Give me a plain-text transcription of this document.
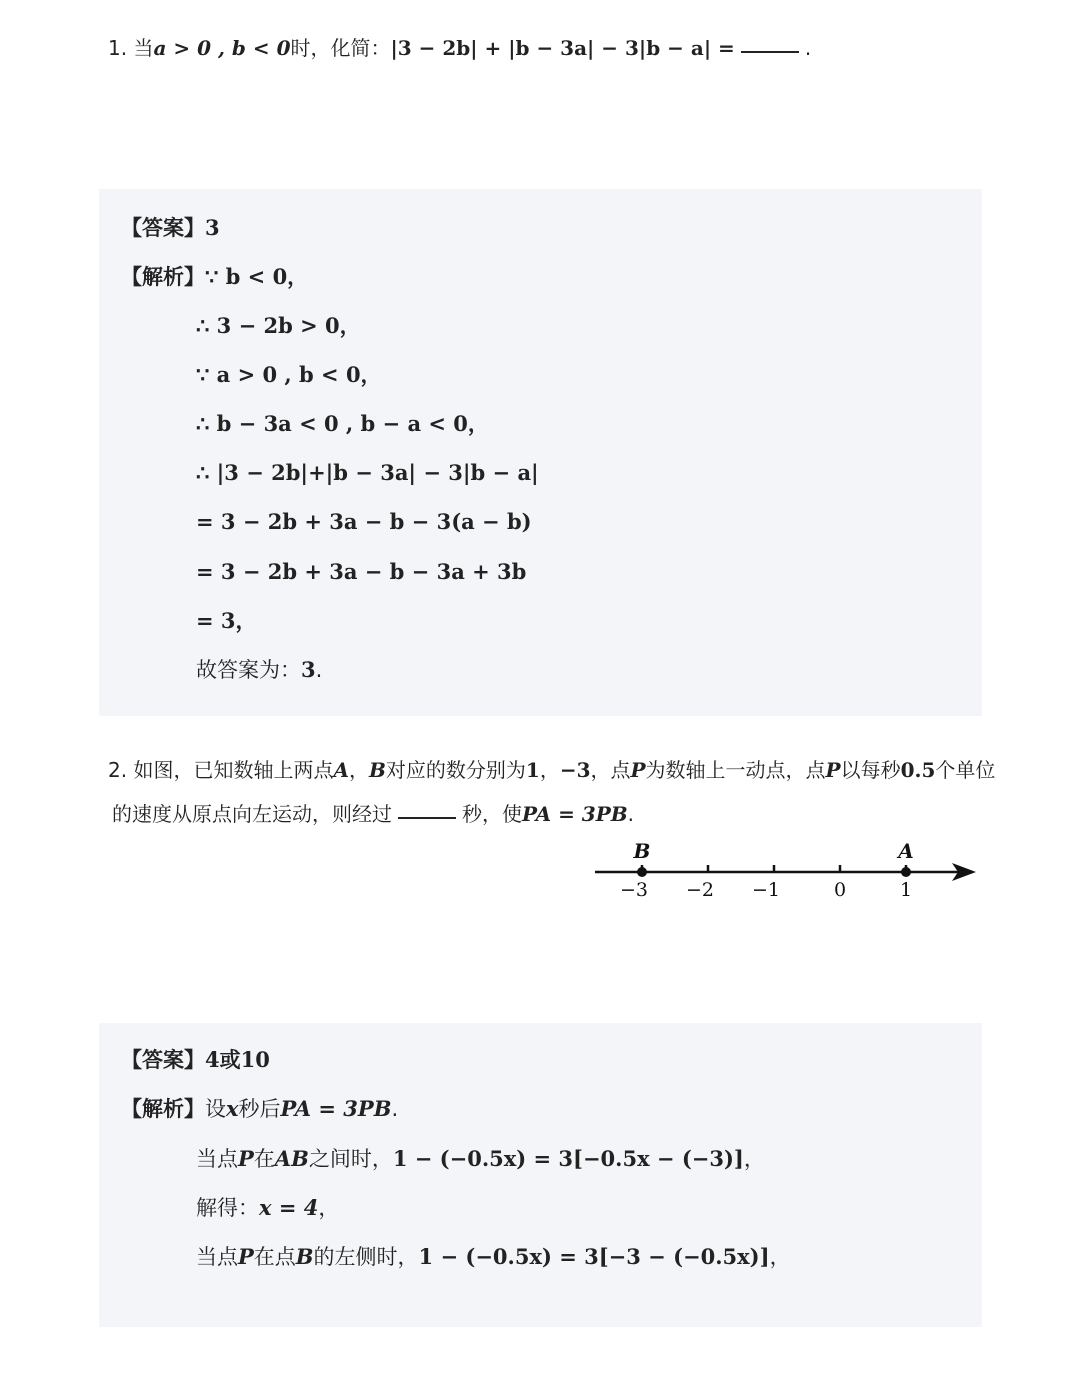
1. 当a > 0 , b < 0时，化简：|3 − 2b| + |b − 3a| − 3|b − a| =	.
【答案】3
【解析】∵ b < 0，
∴ 3 − 2b > 0，
∵ a > 0 , b < 0，
∴ b − 3a < 0 , b − a < 0，
∴ |3 − 2b|+|b − 3a| − 3|b − a|
= 3 − 2b + 3a − b − 3(a − b)
= 3 − 2b + 3a − b − 3a + 3b
= 3，
故答案为：3.
2. 如图，已知数轴上两点A，B对应的数分别为1，−3，点P为数轴上一动点，点P以每秒0.5个单位
的速度从原点向左运动，则经过	秒，使PA = 3PB.
−3 −2 −1	0	1
B	A
【答案】4或10
【解析】设x秒后PA = 3PB.
当点P在AB之间时，1 − (−0.5x) = 3[−0.5x − (−3)]，
解得：x = 4，
当点P在点B的左侧时，1 − (−0.5x) = 3[−3 − (−0.5x)]，
